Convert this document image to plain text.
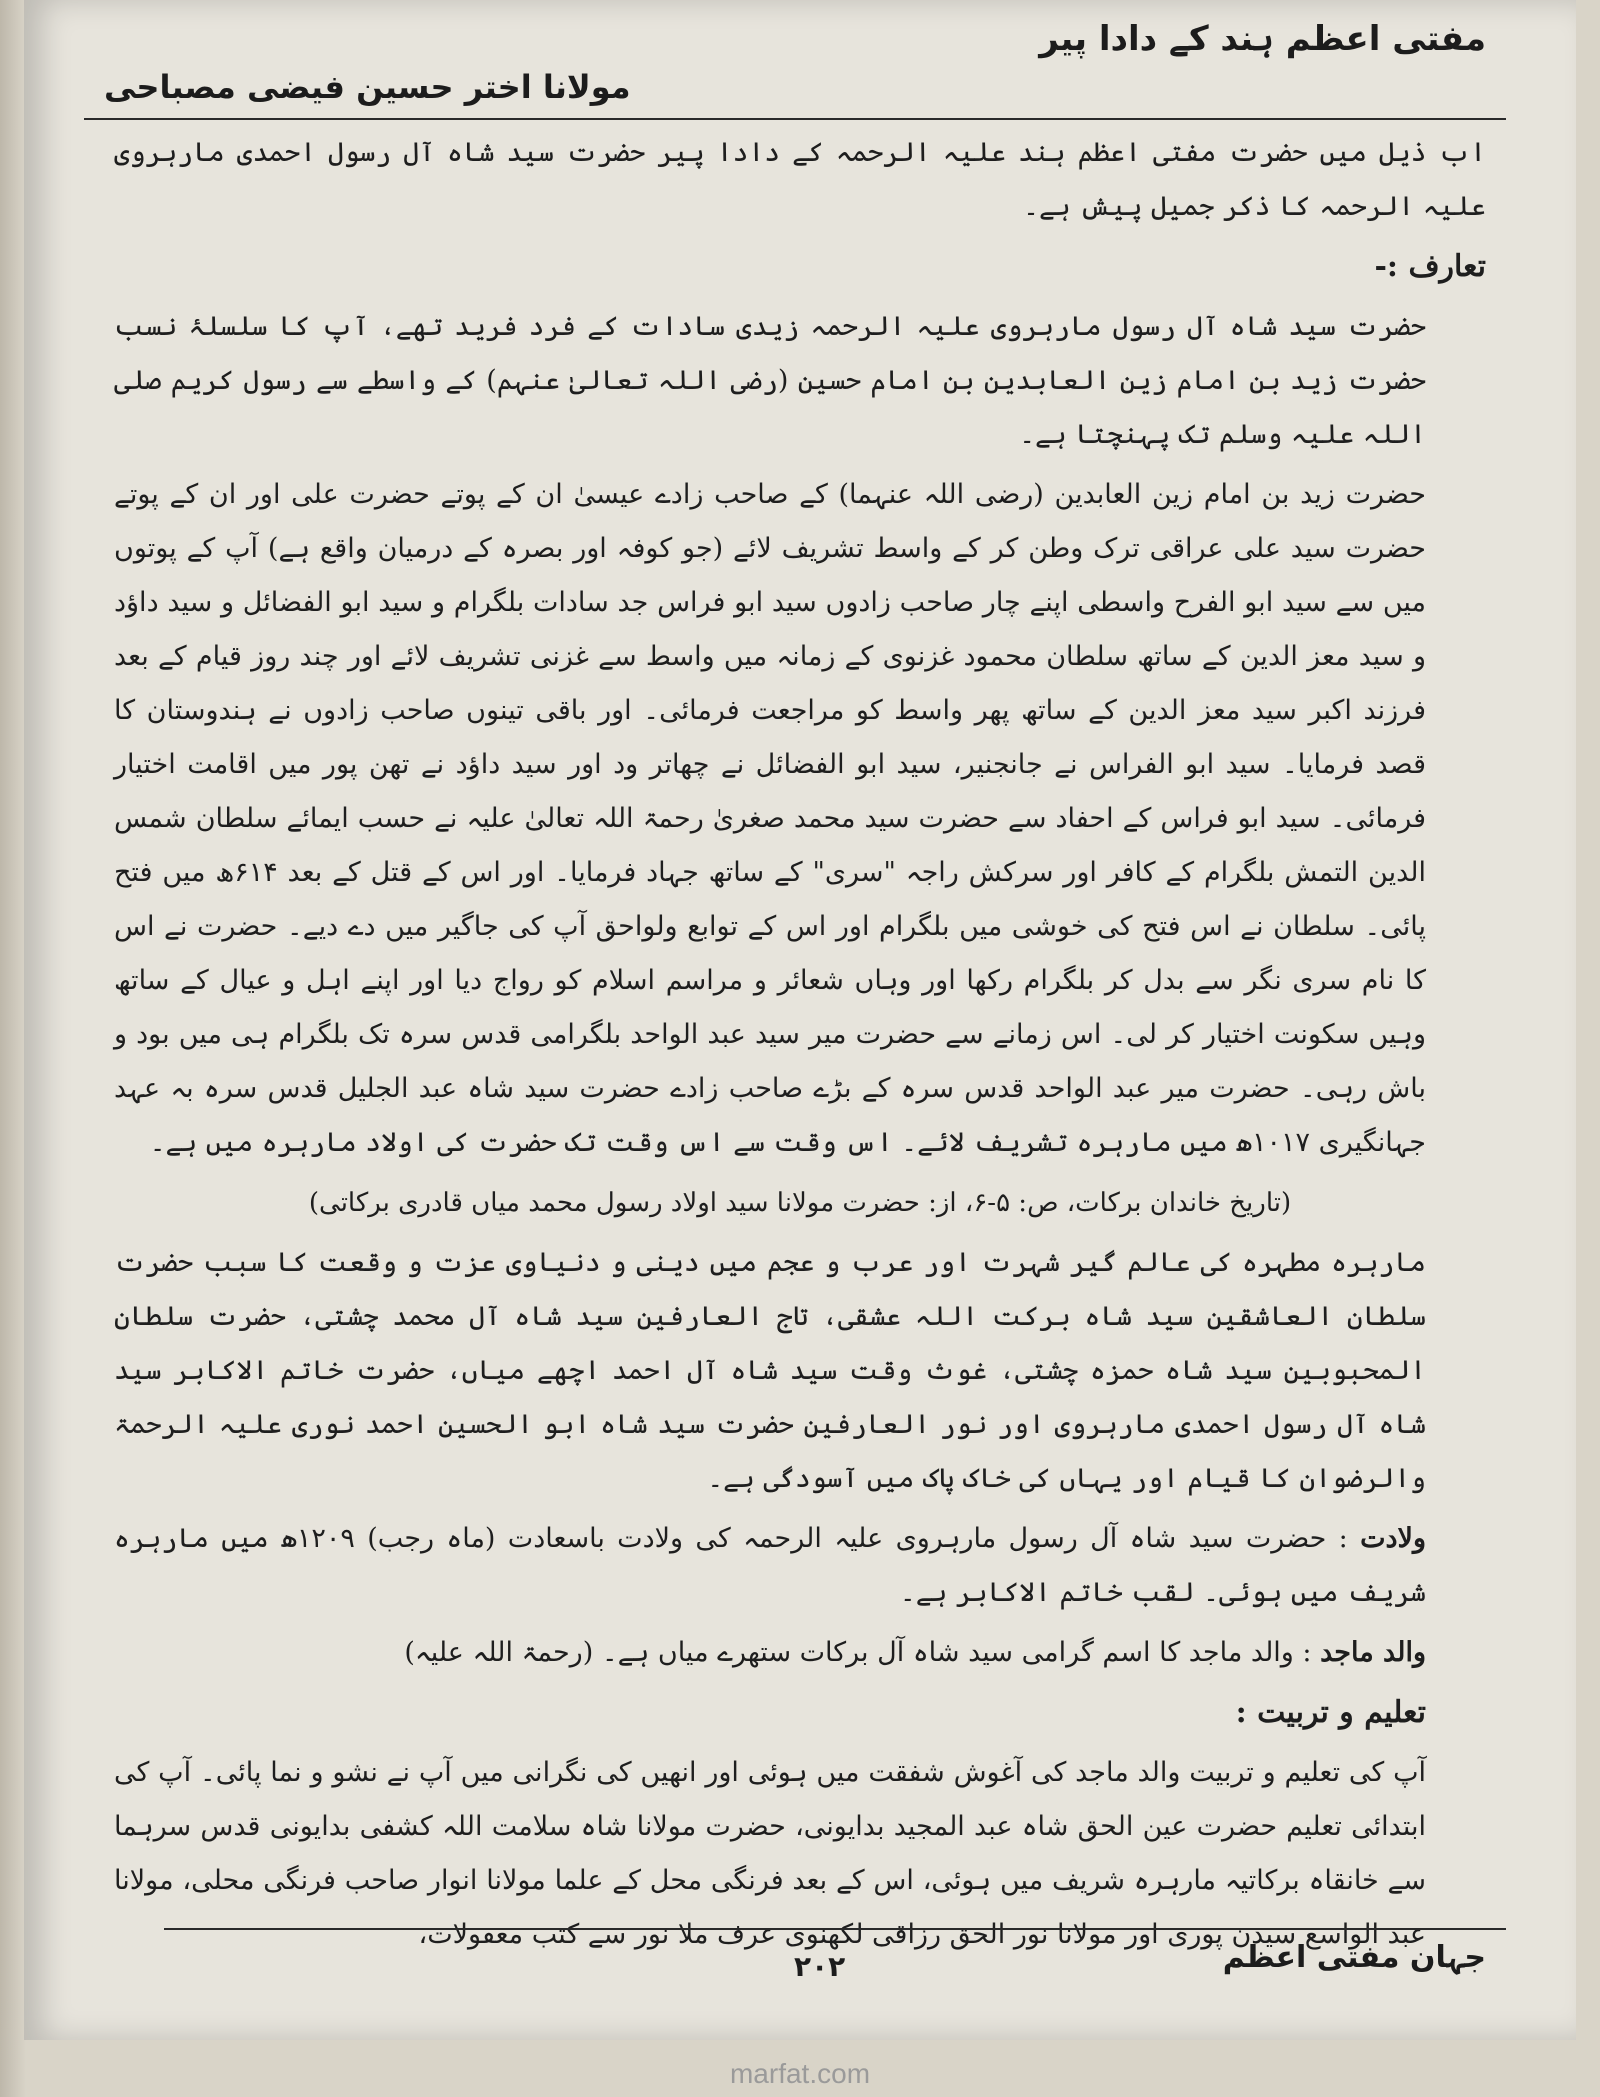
مفتی اعظم ہند کے دادا پیر
مولانا اختر حسین فیضی مصباحی

اب ذیل میں حضرت مفتی اعظم ہند علیہ الرحمہ کے دادا پیر حضرت سید شاہ آل رسول احمدی مارہروی علیہ الرحمہ کا ذکر جمیل پیش ہے۔

تعارف :-

حضرت سید شاہ آل رسول مارہروی علیہ الرحمہ زیدی سادات کے فرد فرید تھے، آپ کا سلسلۂ نسب حضرت زید بن امام زین العابدین بن امام حسین (رضی اللہ تعالیٰ عنہم) کے واسطے سے رسول کریم صلی اللہ علیہ وسلم تک پہنچتا ہے۔

حضرت زید بن امام زین العابدین (رضی اللہ عنہما) کے صاحب زادے عیسیٰ ان کے پوتے حضرت علی اور ان کے پوتے حضرت سید علی عراقی ترک وطن کر کے واسط تشریف لائے (جو کوفہ اور بصرہ کے درمیان واقع ہے) آپ کے پوتوں میں سے سید ابو الفرح واسطی اپنے چار صاحب زادوں سید ابو فراس جد سادات بلگرام و سید ابو الفضائل و سید داؤد و سید معز الدین کے ساتھ سلطان محمود غزنوی کے زمانہ میں واسط سے غزنی تشریف لائے اور چند روز قیام کے بعد فرزند اکبر سید معز الدین کے ساتھ پھر واسط کو مراجعت فرمائی۔ اور باقی تینوں صاحب زادوں نے ہندوستان کا قصد فرمایا۔ سید ابو الفراس نے جانجنیر، سید ابو الفضائل نے چھاتر ود اور سید داؤد نے تھن پور میں اقامت اختیار فرمائی۔ سید ابو فراس کے احفاد سے حضرت سید محمد صغریٰ رحمۃ اللہ تعالیٰ علیہ نے حسب ایمائے سلطان شمس الدین التمش بلگرام کے کافر اور سرکش راجہ "سری" کے ساتھ جہاد فرمایا۔ اور اس کے قتل کے بعد ۶۱۴ھ میں فتح پائی۔ سلطان نے اس فتح کی خوشی میں بلگرام اور اس کے توابع ولواحق آپ کی جاگیر میں دے دیے۔ حضرت نے اس کا نام سری نگر سے بدل کر بلگرام رکھا اور وہاں شعائر و مراسم اسلام کو رواج دیا اور اپنے اہل و عیال کے ساتھ وہیں سکونت اختیار کر لی۔ اس زمانے سے حضرت میر سید عبد الواحد بلگرامی قدس سرہ تک بلگرام ہی میں بود و باش رہی۔ حضرت میر عبد الواحد قدس سرہ کے بڑے صاحب زادے حضرت سید شاہ عبد الجلیل قدس سرہ بہ عہد جہانگیری ۱۰۱۷ھ میں مارہرہ تشریف لائے۔ اس وقت سے اس وقت تک حضرت کی اولاد مارہرہ میں ہے۔

(تاریخ خاندان برکات، ص: ۵-۶، از: حضرت مولانا سید اولاد رسول محمد میاں قادری برکاتی)

مارہرہ مطہرہ کی عالم گیر شہرت اور عرب و عجم میں دینی و دنیاوی عزت و وقعت کا سبب حضرت سلطان العاشقین سید شاہ برکت اللہ عشقی، تاج العارفین سید شاہ آل محمد چشتی، حضرت سلطان المحبوبین سید شاہ حمزہ چشتی، غوث وقت سید شاہ آل احمد اچھے میاں، حضرت خاتم الاکابر سید شاہ آل رسول احمدی مارہروی اور نور العارفین حضرت سید شاہ ابو الحسین احمد نوری علیہ الرحمۃ والرضوان کا قیام اور یہاں کی خاک پاک میں آسودگی ہے۔

ولادت : حضرت سید شاہ آل رسول مارہروی علیہ الرحمہ کی ولادت باسعادت (ماہ رجب) ۱۲۰۹ھ میں مارہرہ شریف میں ہوئی۔ لقب خاتم الاکابر ہے۔

والد ماجد : والد ماجد کا اسم گرامی سید شاہ آل برکات ستھرے میاں ہے۔ (رحمۃ اللہ علیہ)

تعلیم و تربیت :

آپ کی تعلیم و تربیت والد ماجد کی آغوش شفقت میں ہوئی اور انھیں کی نگرانی میں آپ نے نشو و نما پائی۔ آپ کی ابتدائی تعلیم حضرت عین الحق شاہ عبد المجید بدایونی، حضرت مولانا شاہ سلامت اللہ کشفی بدایونی قدس سرہما سے خانقاہ برکاتیہ مارہرہ شریف میں ہوئی، اس کے بعد فرنگی محل کے علما مولانا انوار صاحب فرنگی محلی، مولانا عبد الواسع سیدن پوری اور مولانا نور الحق رزاقی لکھنوی عرف ملا نور سے کتب معقولات،

جہان مفتی اعظم
۲۰۲
marfat.com
